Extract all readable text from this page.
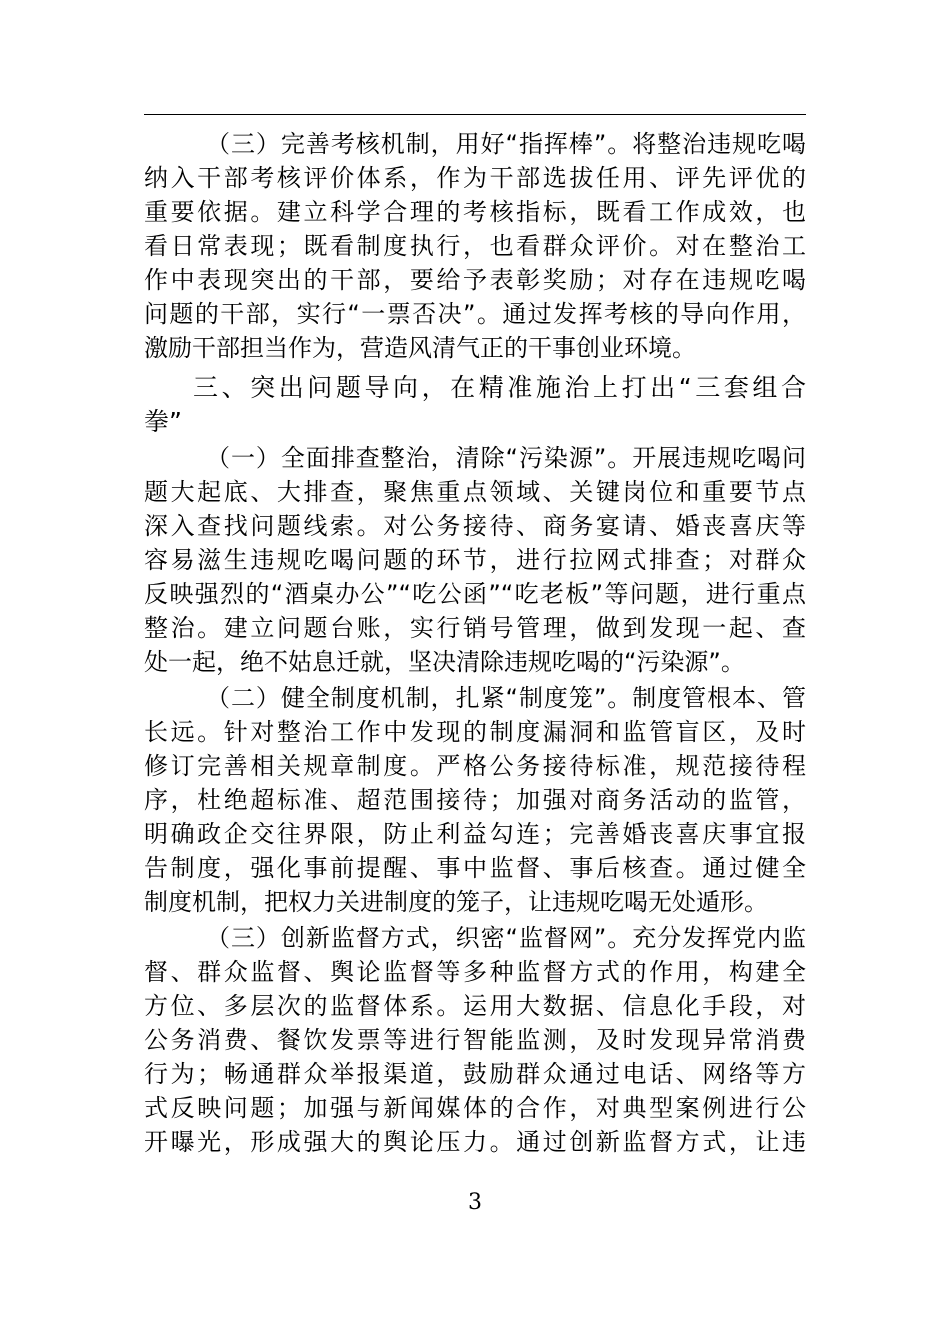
（三）完善考核机制，用好“指挥棒”。将整治违规吃喝
纳入干部考核评价体系，作为干部选拔任用、评先评优的
重要依据。建立科学合理的考核指标，既看工作成效，也
看日常表现；既看制度执行，也看群众评价。对在整治工
作中表现突出的干部，要给予表彰奖励；对存在违规吃喝
问题的干部，实行“一票否决”。通过发挥考核的导向作用，
激励干部担当作为，营造风清气正的干事创业环境。
三、突出问题导向，在精准施治上打出“三套组合
拳”
（一）全面排查整治，清除“污染源”。开展违规吃喝问
题大起底、大排查，聚焦重点领域、关键岗位和重要节点
深入查找问题线索。对公务接待、商务宴请、婚丧喜庆等
容易滋生违规吃喝问题的环节，进行拉网式排查；对群众
反映强烈的“酒桌办公”“吃公函”“吃老板”等问题，进行重点
整治。建立问题台账，实行销号管理，做到发现一起、查
处一起，绝不姑息迁就，坚决清除违规吃喝的“污染源”。
（二）健全制度机制，扎紧“制度笼”。制度管根本、管
长远。针对整治工作中发现的制度漏洞和监管盲区，及时
修订完善相关规章制度。严格公务接待标准，规范接待程
序，杜绝超标准、超范围接待；加强对商务活动的监管，
明确政企交往界限，防止利益勾连；完善婚丧喜庆事宜报
告制度，强化事前提醒、事中监督、事后核查。通过健全
制度机制，把权力关进制度的笼子，让违规吃喝无处遁形。
（三）创新监督方式，织密“监督网”。充分发挥党内监
督、群众监督、舆论监督等多种监督方式的作用，构建全
方位、多层次的监督体系。运用大数据、信息化手段，对
公务消费、餐饮发票等进行智能监测，及时发现异常消费
行为；畅通群众举报渠道，鼓励群众通过电话、网络等方
式反映问题；加强与新闻媒体的合作，对典型案例进行公
开曝光，形成强大的舆论压力。通过创新监督方式，让违
3
